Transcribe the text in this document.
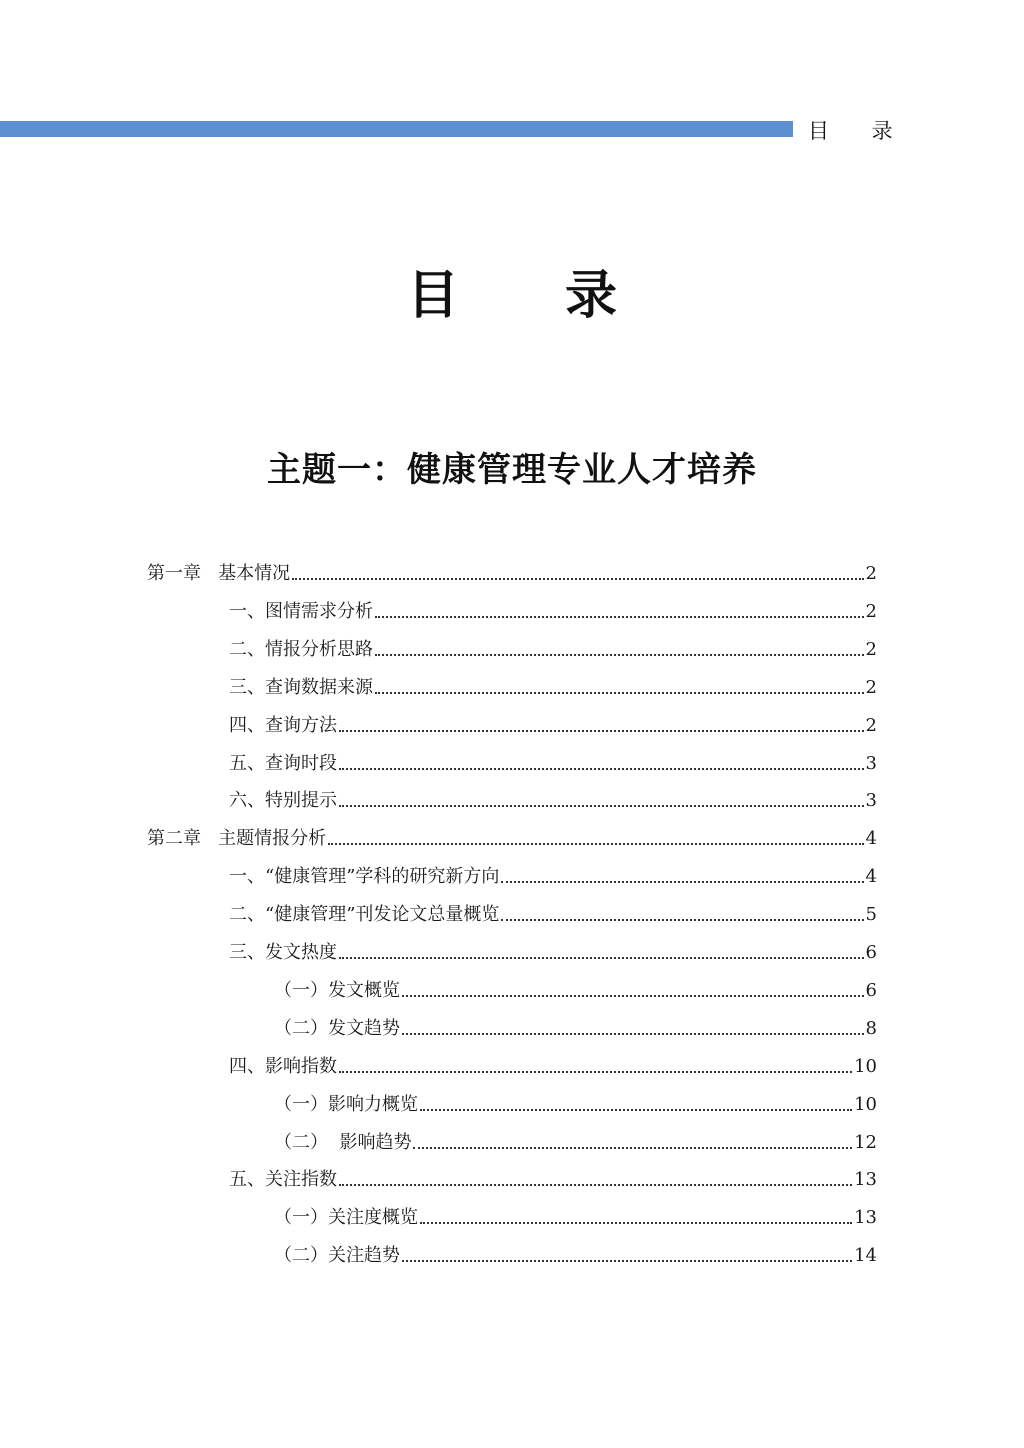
目 录
目 录
主题一：健康管理专业人才培养
第一章   基本情况	2
一、图情需求分析	2
二、情报分析思路	2
三、查询数据来源	2
四、查询方法	2
五、查询时段	3
六、特别提示	3
第二章   主题情报分析	4
一、“健康管理”学科的研究新方向	4
二、“健康管理”刊发论文总量概览	5
三、发文热度	6
（一）发文概览	6
（二）发文趋势	8
四、影响指数	10
（一）影响力概览	10
（二）  影响趋势	12
五、关注指数	13
（一）关注度概览	13
（二）关注趋势	14
